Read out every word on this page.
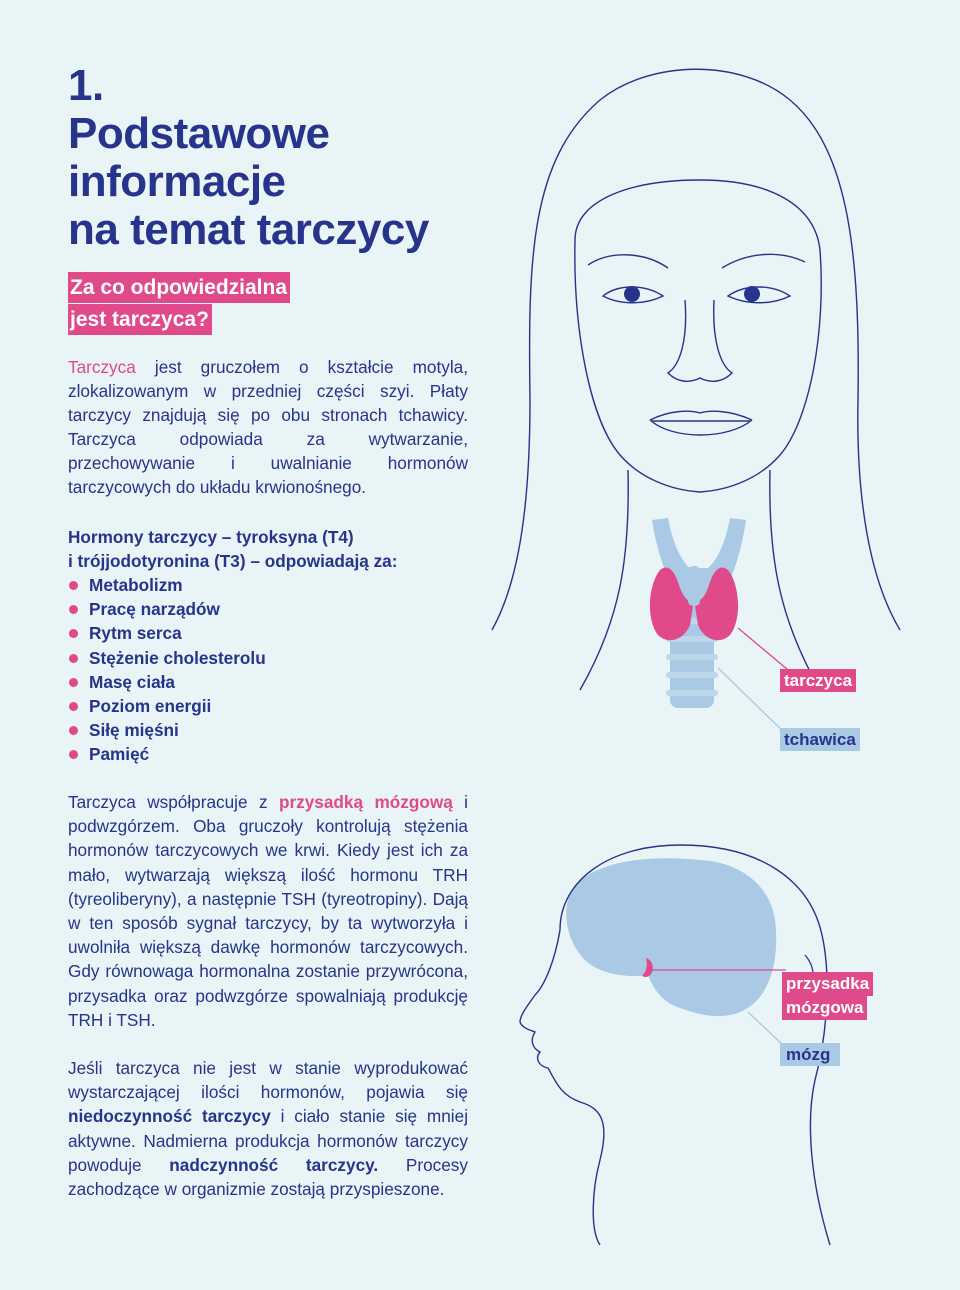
1.
Podstawowe
informacje
na temat tarczycy
Za co odpowiedzialna
jest tarczyca?

Tarczyca jest gruczołem o kształcie motyla, zlokalizowanym w przedniej części szyi. Płaty tarczycy znajdują się po obu stronach tchawicy. Tarczyca odpowiada za wytwarzanie, przechowywanie i uwalnianie hormonów tarczycowych do układu krwionośnego.

Hormony tarczycy – tyroksyna (T4)
i trójjodotyronina (T3) – odpowiadają za:
Metabolizm
Pracę narządów
Rytm serca
Stężenie cholesterolu
Masę ciała
Poziom energii
Siłę mięśni
Pamięć

Tarczyca współpracuje z przysadką mózgową i podwzgórzem. Oba gruczoły kontrolują stężenia hormonów tarczycowych we krwi. Kiedy jest ich za mało, wytwarzają większą ilość hormonu TRH (tyreoliberyny), a następnie TSH (tyreotropiny). Dają w ten sposób sygnał tarczycy, by ta wytworzyła i uwolniła większą dawkę hormonów tarczycowych. Gdy równowaga hormonalna zostanie przywrócona, przysadka oraz podwzgórze spowalniają produkcję TRH i TSH.

Jeśli tarczyca nie jest w stanie wyprodukować wystarczającej ilości hormonów, pojawia się niedoczynność tarczycy i ciało stanie się mniej aktywne. Nadmierna produkcja hormonów tarczycy powoduje nadczynność tarczycy. Procesy zachodzące w organizmie zostają przyspieszone.

tarczyca
tchawica
przysadka
mózgowa
mózg
